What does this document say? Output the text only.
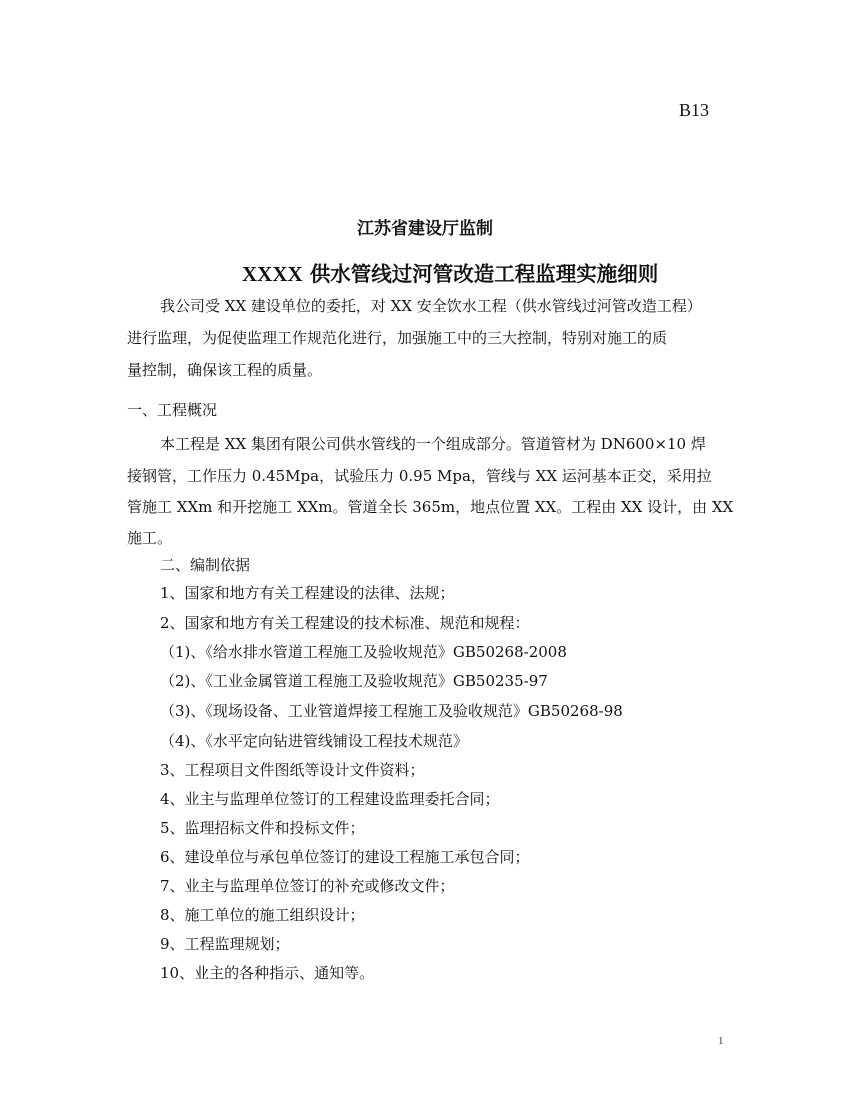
B13
江苏省建设厅监制
XXXX 供水管线过河管改造工程监理实施细则
我公司受 XX 建设单位的委托，对 XX 安全饮水工程（供水管线过河管改造工程）
进行监理，为促使监理工作规范化进行，加强施工中的三大控制，特别对施工的质
量控制，确保该工程的质量。
一、工程概况
本工程是 XX 集团有限公司供水管线的一个组成部分。管道管材为 DN600×10 焊
接钢管，工作压力 0.45Mpa，试验压力 0.95 Mpa，管线与 XX 运河基本正交，采用拉
管施工 XXm 和开挖施工 XXm。管道全长 365m，地点位置 XX。工程由 XX 设计，由 XX
施工。
二、编制依据
1、国家和地方有关工程建设的法律、法规；
2、国家和地方有关工程建设的技术标准、规范和规程：
（1)、《给水排水管道工程施工及验收规范》GB50268-2008
（2)、《工业金属管道工程施工及验收规范》GB50235-97
（3)、《现场设备、工业管道焊接工程施工及验收规范》GB50268-98
（4)、《水平定向钻进管线铺设工程技术规范》
3、工程项目文件图纸等设计文件资料；
4、业主与监理单位签订的工程建设监理委托合同；
5、监理招标文件和投标文件；
6、建设单位与承包单位签订的建设工程施工承包合同；
7、业主与监理单位签订的补充或修改文件；
8、施工单位的施工组织设计；
9、工程监理规划；
10、业主的各种指示、通知等。
1
